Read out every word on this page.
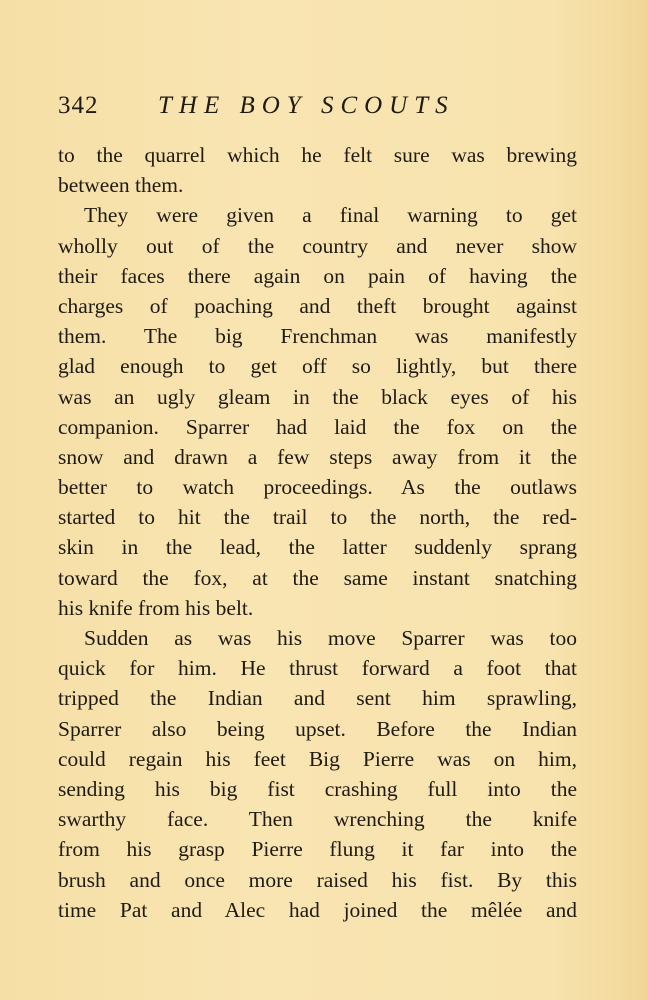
342 THE BOY SCOUTS
to the quarrel which he felt sure was brewing
between them.
They were given a final warning to get
wholly out of the country and never show
their faces there again on pain of having the
charges of poaching and theft brought against
them. The big Frenchman was manifestly
glad enough to get off so lightly, but there
was an ugly gleam in the black eyes of his
companion. Sparrer had laid the fox on the
snow and drawn a few steps away from it the
better to watch proceedings. As the outlaws
started to hit the trail to the north, the red-
skin in the lead, the latter suddenly sprang
toward the fox, at the same instant snatching
his knife from his belt.
Sudden as was his move Sparrer was too
quick for him. He thrust forward a foot that
tripped the Indian and sent him sprawling,
Sparrer also being upset. Before the Indian
could regain his feet Big Pierre was on him,
sending his big fist crashing full into the
swarthy face. Then wrenching the knife
from his grasp Pierre flung it far into the
brush and once more raised his fist. By this
time Pat and Alec had joined the mêlée and
